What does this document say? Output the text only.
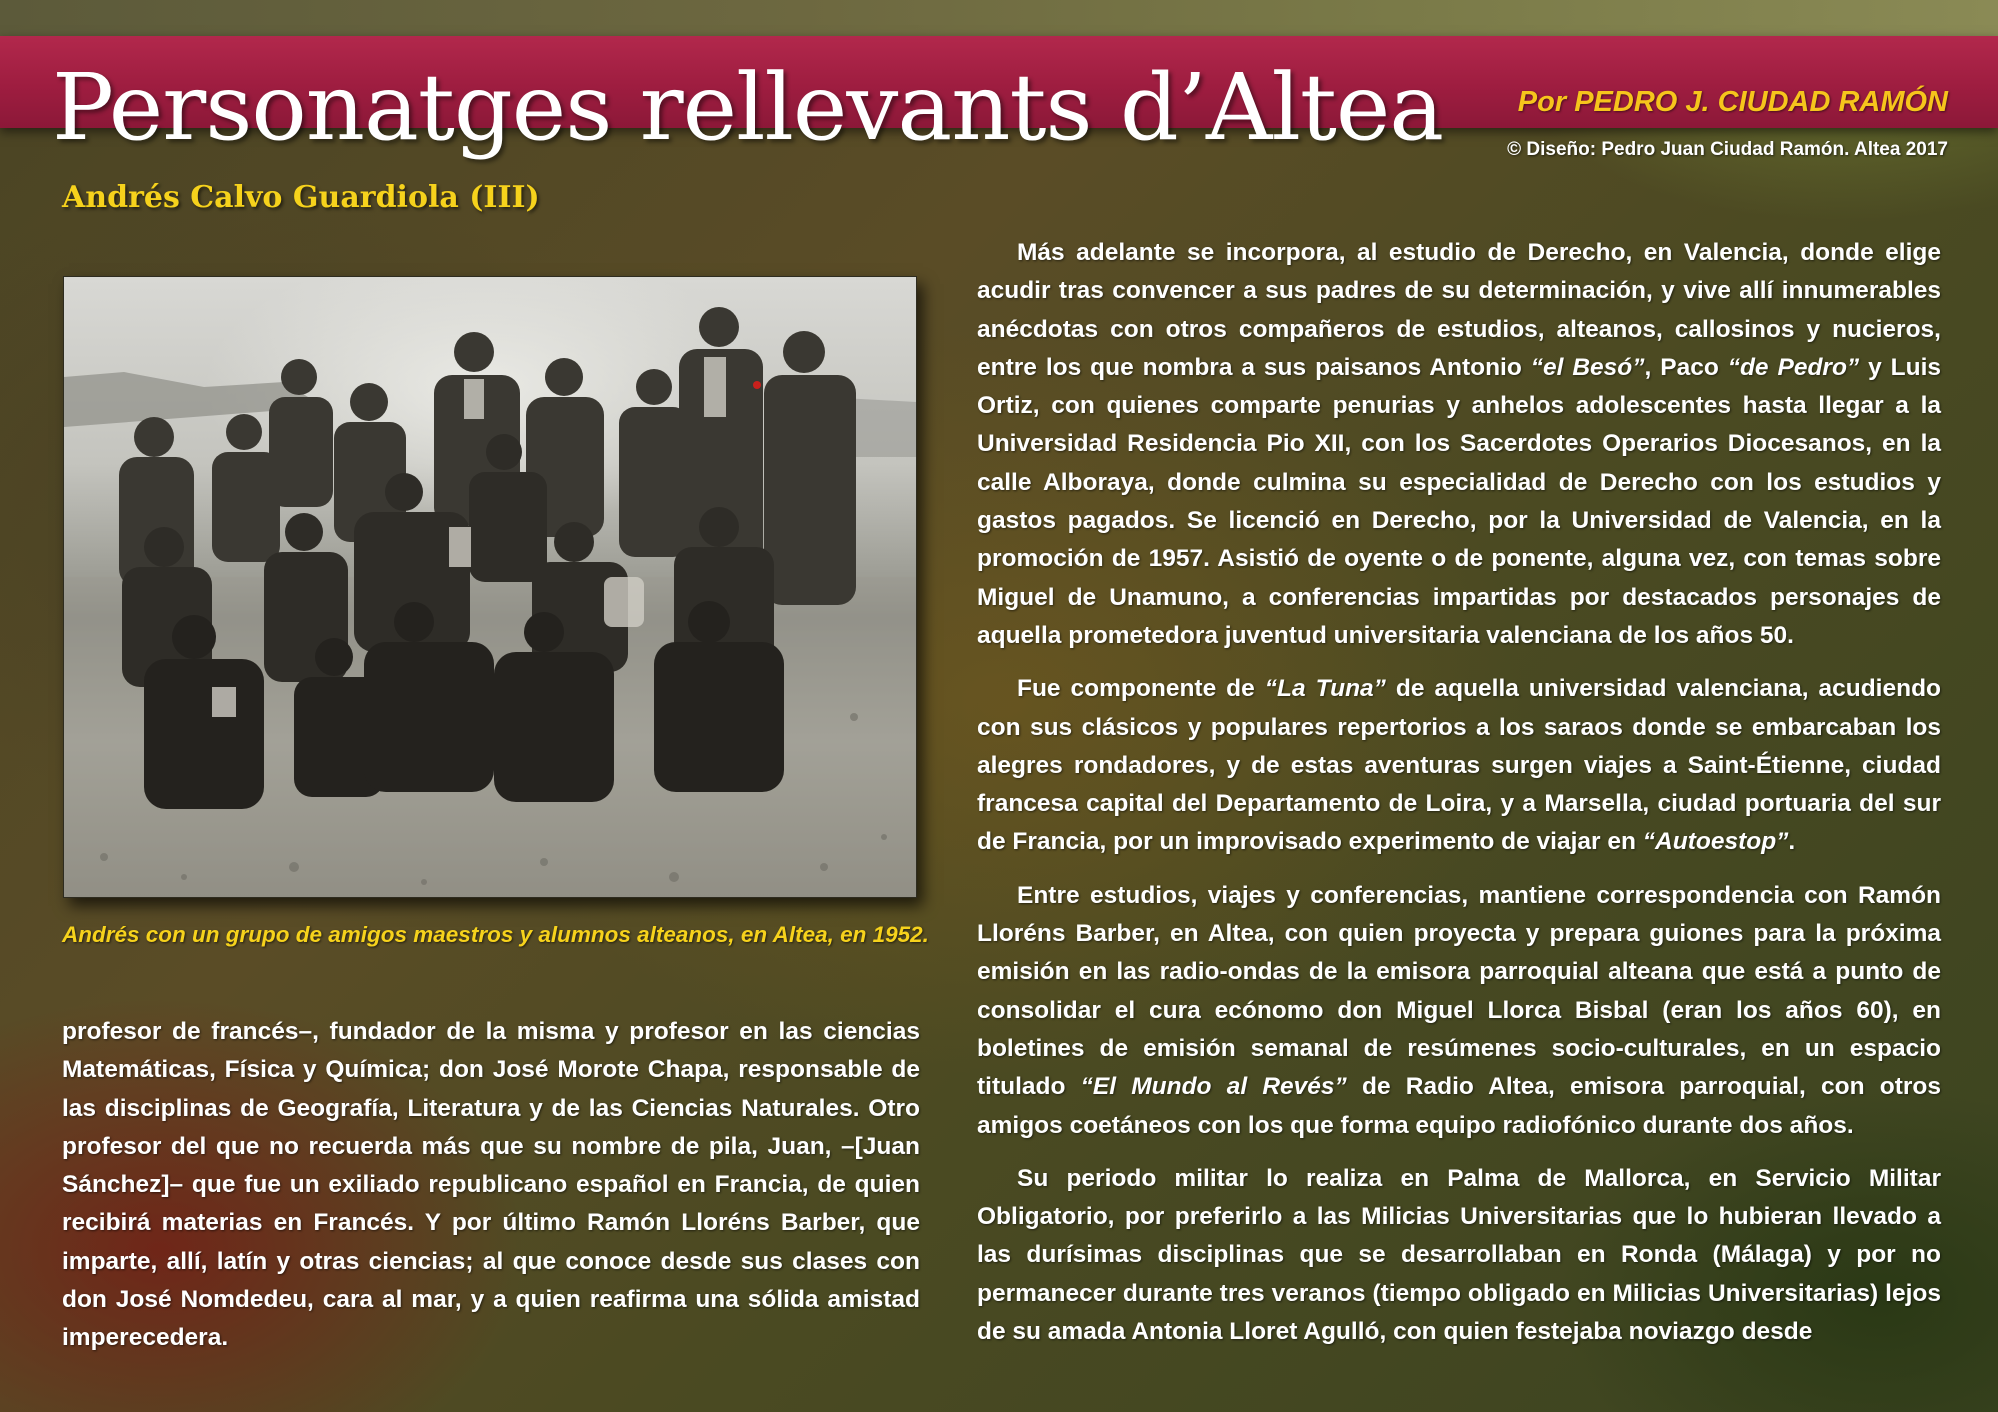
Personatges rellevants d’Altea	Por PEDRO J. CIUDAD RAMÓN
© Diseño: Pedro Juan Ciudad Ramón. Altea 2017
Andrés Calvo Guardiola (III)
Andrés con un grupo de amigos maestros y alumnos alteanos, en Altea, en 1952.

profesor de francés–, fundador de la misma y profesor en las ciencias Matemáticas, Física y Química; don José Morote Chapa, responsable de las disciplinas de Geografía, Literatura y de las Ciencias Naturales. Otro profesor del que no recuerda más que su nombre de pila, Juan, –[Juan Sánchez]– que fue un exiliado republicano español en Francia, de quien recibirá materias en Francés. Y por último Ramón Lloréns Barber, que imparte, allí, latín y otras ciencias; al que conoce desde sus clases con don José Nomdedeu, cara al mar, y a quien reafirma una sólida amistad imperecedera.

Más adelante se incorpora, al estudio de Derecho, en Valencia, donde elige acudir tras convencer a sus padres de su determinación, y vive allí innumerables anécdotas con otros compañeros de estudios, alteanos, callosinos y nucieros, entre los que nombra a sus paisanos Antonio “el Besó”, Paco “de Pedro” y Luis Ortiz, con quienes comparte penurias y anhelos adolescentes hasta llegar a la Universidad Residencia Pio XII, con los Sacerdotes Operarios Diocesanos, en la calle Alboraya, donde culmina su especialidad de Derecho con los estudios y gastos pagados. Se licenció en Derecho, por la Universidad de Valencia, en la promoción de 1957. Asistió de oyente o de ponente, alguna vez, con temas sobre Miguel de Unamuno, a conferencias impartidas por destacados personajes de aquella prometedora juventud universitaria valenciana de los años 50.

Fue componente de “La Tuna” de aquella universidad valenciana, acudiendo con sus clásicos y populares repertorios a los saraos donde se embarcaban los alegres rondadores, y de estas aventuras surgen viajes a Saint-Étienne, ciudad francesa capital del Departamento de Loira, y a Marsella, ciudad portuaria del sur de Francia, por un improvisado experimento de viajar en “Autoestop”.

Entre estudios, viajes y conferencias, mantiene correspondencia con Ramón Lloréns Barber, en Altea, con quien proyecta y prepara guiones para la próxima emisión en las radio-ondas de la emisora parroquial alteana que está a punto de consolidar el cura ecónomo don Miguel Llorca Bisbal (eran los años 60), en boletines de emisión semanal de resúmenes socio-culturales, en un espacio titulado “El Mundo al Revés” de Radio Altea, emisora parroquial, con otros amigos coetáneos con los que forma equipo radiofónico durante dos años.

Su periodo militar lo realiza en Palma de Mallorca, en Servicio Militar Obligatorio, por preferirlo a las Milicias Universitarias que lo hubieran llevado a las durísimas disciplinas que se desarrollaban en Ronda (Málaga) y por no permanecer durante tres veranos (tiempo obligado en Milicias Universitarias) lejos de su amada Antonia Lloret Agulló, con quien festejaba noviazgo desde
